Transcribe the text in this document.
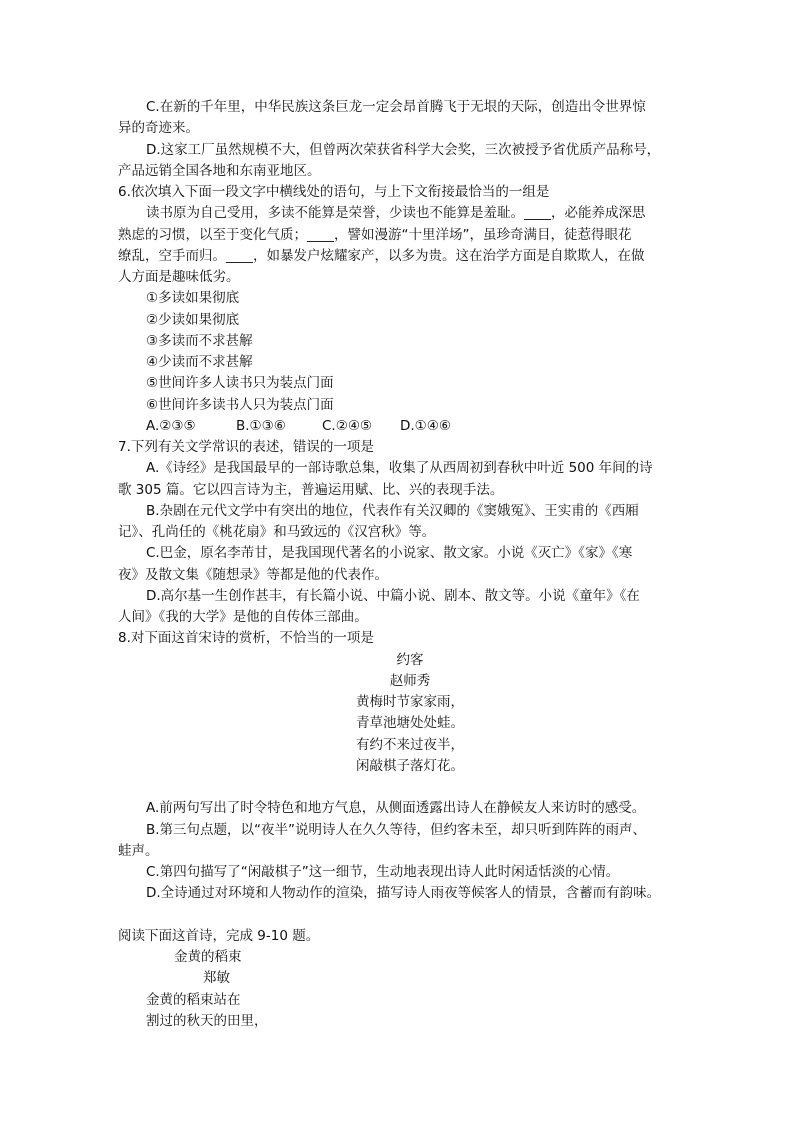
C.在新的千年里，中华民族这条巨龙一定会昂首腾飞于无垠的天际，创造出令世界惊
异的奇迹来。
D.这家工厂虽然规模不大，但曾两次荣获省科学大会奖，三次被授予省优质产品称号，
产品远销全国各地和东南亚地区。
6.依次填入下面一段文字中横线处的语句，与上下文衔接最恰当的一组是
读书原为自己受用，多读不能算是荣誉，少读也不能算是羞耻。____，必能养成深思
熟虑的习惯，以至于变化气质；____，譬如漫游“十里洋场”，虽珍奇满目，徒惹得眼花
缭乱，空手而归。____，如暴发户炫耀家产，以多为贵。这在治学方面是自欺欺人，在做
人方面是趣味低劣。
①多读如果彻底
②少读如果彻底
③多读而不求甚解
④少读而不求甚解
⑤世间许多人读书只为装点门面
⑥世间许多读书人只为装点门面
A.②③⑤	B.①③⑥	C.②④⑤ D.①④⑥
7.下列有关文学常识的表述，错误的一项是
A.《诗经》是我国最早的一部诗歌总集，收集了从西周初到春秋中叶近 500 年间的诗
歌 305 篇。它以四言诗为主，普遍运用赋、比、兴的表现手法。
B.杂剧在元代文学中有突出的地位，代表作有关汉卿的《窦娥冤》、王实甫的《西厢
记》、孔尚任的《桃花扇》和马致远的《汉宫秋》等。
C.巴金，原名李芾甘，是我国现代著名的小说家、散文家。小说《灭亡》《家》《寒
夜》及散文集《随想录》等都是他的代表作。
D.高尔基一生创作甚丰，有长篇小说、中篇小说、剧本、散文等。小说《童年》《在
人间》《我的大学》是他的自传体三部曲。
8.对下面这首宋诗的赏析，不恰当的一项是
约客
赵师秀
黄梅时节家家雨，
青草池塘处处蛙。
有约不来过夜半，
闲敲棋子落灯花。
A.前两句写出了时令特色和地方气息，从侧面透露出诗人在静候友人来访时的感受。
B.第三句点题，以“夜半”说明诗人在久久等待，但约客未至，却只听到阵阵的雨声、
蛙声。
C.第四句描写了“闲敲棋子”这一细节，生动地表现出诗人此时闲适恬淡的心情。
D.全诗通过对环境和人物动作的渲染，描写诗人雨夜等候客人的情景，含蓄而有韵味。
阅读下面这首诗，完成 9-10 题。
金黄的稻束
郑敏
金黄的稻束站在
割过的秋天的田里，
